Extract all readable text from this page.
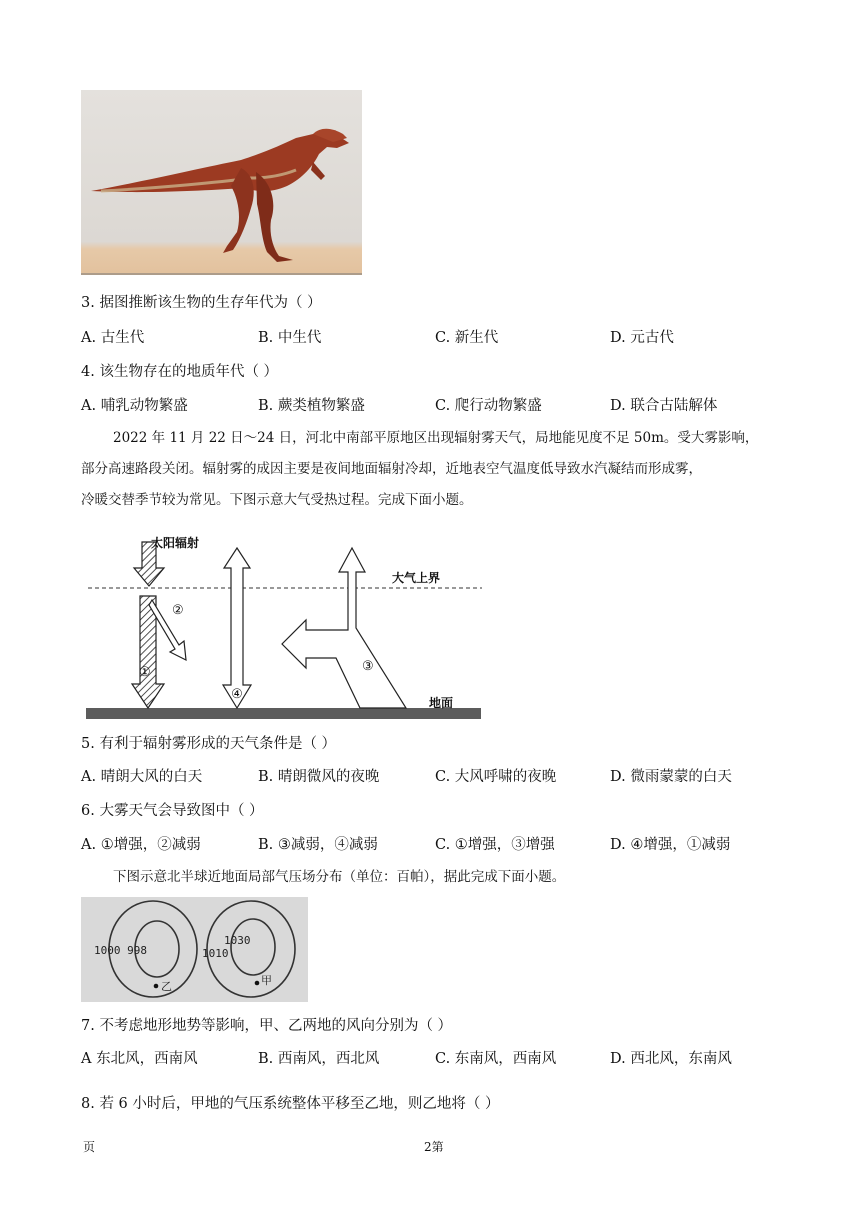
3. 据图推断该生物的生存年代为（ ）
A. 古生代	B. 中生代	C. 新生代	D. 元古代
4. 该生物存在的地质年代（ ）
A. 哺乳动物繁盛	B. 蕨类植物繁盛	C. 爬行动物繁盛	D. 联合古陆解体
2022 年 11 月 22 日～24 日，河北中南部平原地区出现辐射雾天气，局地能见度不足 50m。受大雾影响，
部分高速路段关闭。辐射雾的成因主要是夜间地面辐射冷却，近地表空气温度低导致水汽凝结而形成雾，
冷暖交替季节较为常见。下图示意大气受热过程。完成下面小题。
太阳辐射
大气上界
地面
①
②
③
④
5. 有利于辐射雾形成的天气条件是（ ）
A. 晴朗大风的白天	B. 晴朗微风的夜晚	C. 大风呼啸的夜晚	D. 微雨蒙蒙的白天
6. 大雾天气会导致图中（ ）
A. ①增强，②减弱	B. ③减弱，④减弱	C. ①增强，③增强	D. ④增强，①减弱
下图示意北半球近地面局部气压场分布（单位：百帕），据此完成下面小题。
1000 998
1030
1010
乙	甲
7. 不考虑地形地势等影响，甲、乙两地的风向分别为（ ）
A 东北风，西南风	B. 西南风，西北风	C. 东南风，西南风	D. 西北风，东南风
8. 若 6 小时后，甲地的气压系统整体平移至乙地，则乙地将（ ）
页	2第
